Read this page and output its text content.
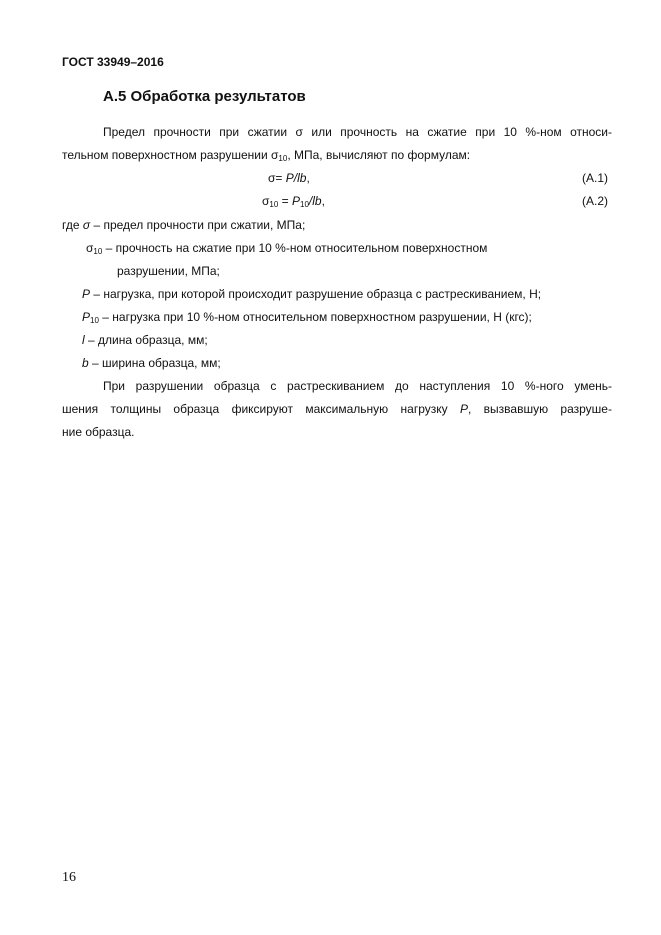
ГОСТ 33949–2016
А.5 Обработка результатов
Предел прочности при сжатии σ или прочность на сжатие при 10 %-ном относи-
тельном поверхностном разрушении $\sigma_{10}$, МПа, вычисляют по формулам:
σ= P/lb,	(А.1)
$\sigma_{10} = P_{10}/lb$,	(А.2)
где σ – предел прочности при сжатии, МПа;
$\sigma_{10}$ – прочность на сжатие при 10 %-ном относительном поверхностном
разрушении, МПа;
P – нагрузка, при которой происходит разрушение образца с растрескиванием, Н;
$P_{10}$ – нагрузка при 10 %-ном относительном поверхностном разрушении, Н (кгс);
l – длина образца, мм;
b – ширина образца, мм;
При разрушении образца с растрескиванием до наступления 10 %-ного умень-
шения толщины образца фиксируют максимальную нагрузку P, вызвавшую разруше-
ние образца.
16
